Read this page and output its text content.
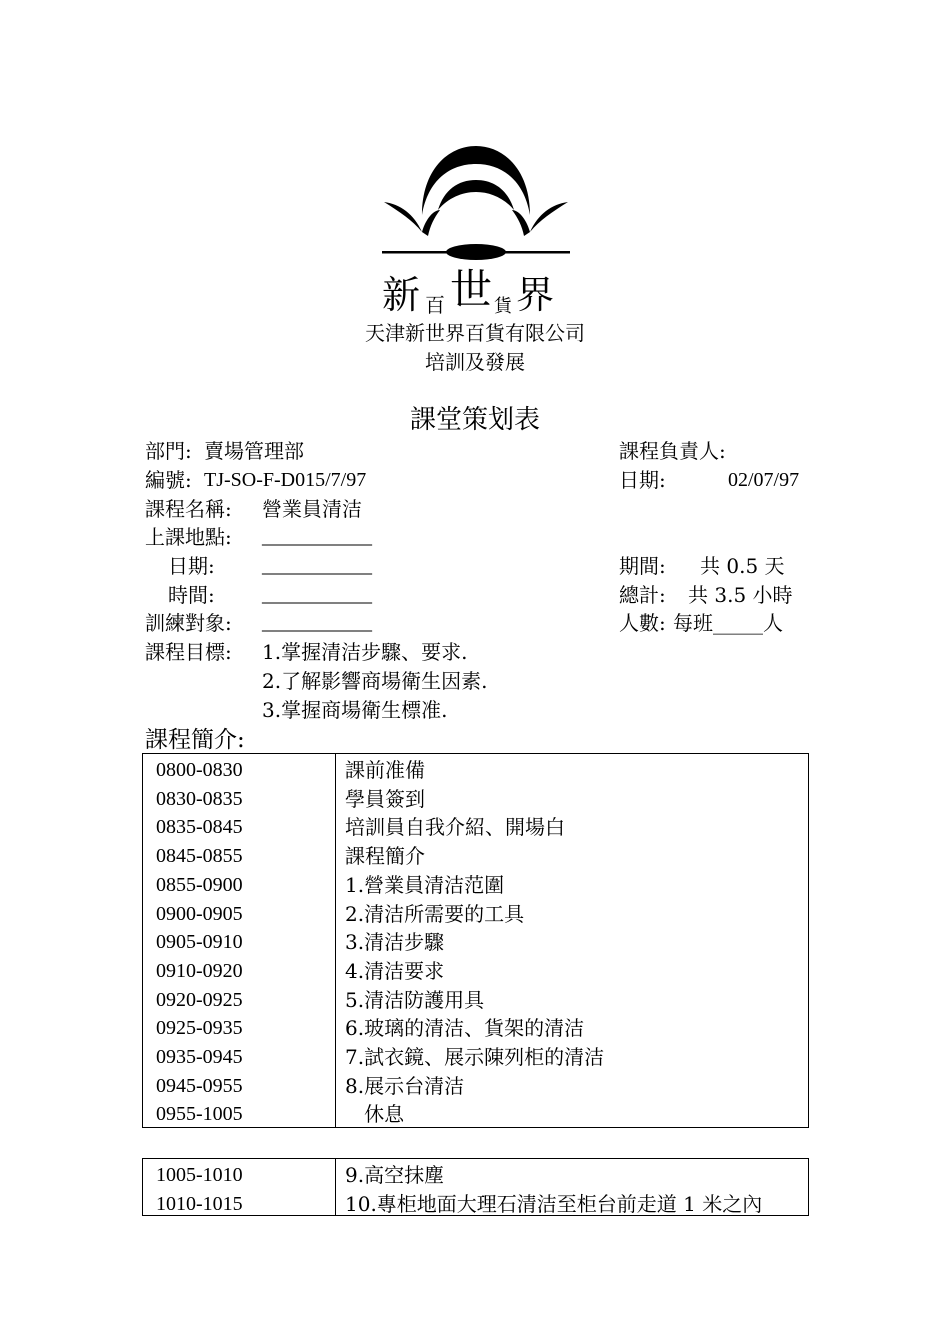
新 百 世 貨 界
天津新世界百貨有限公司
培訓及發展
課堂策划表
部門: 賣場管理部
編號: TJ-SO-F-D015/7/97
課程名稱: 營業員清洁
上課地點: ___________
日期: ___________
時間: ___________
訓練對象: ___________
課程目標: 1.掌握清洁步驟、要求.
2.了解影響商場衛生因素.
3.掌握商場衛生標准.
課程負責人:
日期:	02/07/97
期間: 共 0.5 天
總計: 共 3.5 小時
人數: 每班_____人
課程簡介:
0800-0830	課前准備
0830-0835	學員簽到
0835-0845	培訓員自我介紹、開場白
0845-0855	課程簡介
0855-0900	1.營業員清洁范圍
0900-0905	2.清洁所需要的工具
0905-0910	3.清洁步驟
0910-0920	4.清洁要求
0920-0925	5.清洁防護用具
0925-0935	6.玻璃的清洁、貨架的清洁
0935-0945	7.試衣鏡、展示陳列柜的清洁
0945-0955	8.展示台清洁
0955-1005	休息
1005-1010	9.高空抹塵
1010-1015	10.專柜地面大理石清洁至柜台前走道 1 米之內
